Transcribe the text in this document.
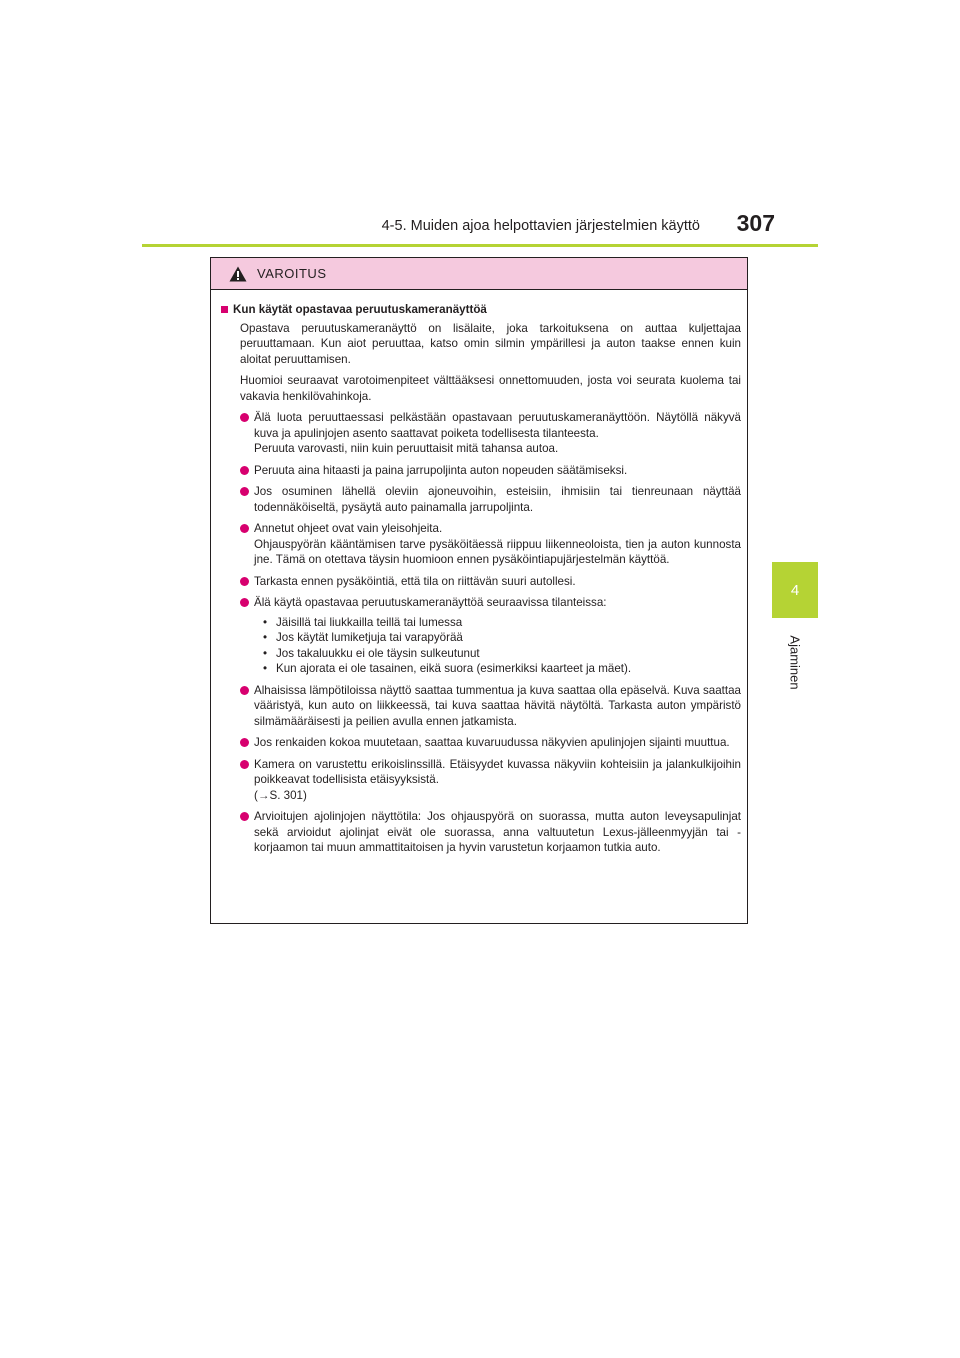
4-5. Muiden ajoa helpottavien järjestelmien käyttö	307
4
Ajaminen
VAROITUS
Kun käytät opastavaa peruutuskameranäyttöä

Opastava peruutuskameranäyttö on lisälaite, joka tarkoituksena on auttaa kuljettajaa peruuttamaan. Kun aiot peruuttaa, katso omin silmin ympärillesi ja auton taakse ennen kuin aloitat peruuttamisen.

Huomioi seuraavat varotoimenpiteet välttääksesi onnettomuuden, josta voi seurata kuolema tai vakavia henkilövahinkoja.

Älä luota peruuttaessasi pelkästään opastavaan peruutuskameranäyttöön. Näytöllä näkyvä kuva ja apulinjojen asento saattavat poiketa todellisesta tilanteesta.

Peruuta varovasti, niin kuin peruuttaisit mitä tahansa autoa.

Peruuta aina hitaasti ja paina jarrupoljinta auton nopeuden säätämiseksi.

Jos osuminen lähellä oleviin ajoneuvoihin, esteisiin, ihmisiin tai tienreunaan näyttää todennäköiseltä, pysäytä auto painamalla jarrupoljinta.

Annetut ohjeet ovat vain yleisohjeita.

Ohjauspyörän kääntämisen tarve pysäköitäessä riippuu liikenneoloista, tien ja auton kunnosta jne. Tämä on otettava täysin huomioon ennen pysäköintiapujärjestelmän käyttöä.

Tarkasta ennen pysäköintiä, että tila on riittävän suuri autollesi.

Älä käytä opastavaa peruutuskameranäyttöä seuraavissa tilanteissa:

• Jäisillä tai liukkailla teillä tai lumessa
• Jos käytät lumiketjuja tai varapyörää
• Jos takaluukku ei ole täysin sulkeutunut
• Kun ajorata ei ole tasainen, eikä suora (esimerkiksi kaarteet ja mäet).

Alhaisissa lämpötiloissa näyttö saattaa tummentua ja kuva saattaa olla epäselvä. Kuva saattaa vääristyä, kun auto on liikkeessä, tai kuva saattaa hävitä näytöltä. Tarkasta auton ympäristö silmämääräisesti ja peilien avulla ennen jatkamista.

Jos renkaiden kokoa muutetaan, saattaa kuvaruudussa näkyvien apulinjojen sijainti muuttua.

Kamera on varustettu erikoislinssillä. Etäisyydet kuvassa näkyviin kohteisiin ja jalankulkijoihin poikkeavat todellisista etäisyyksistä.

(→S. 301)

Arvioitujen ajolinjojen näyttötila: Jos ohjauspyörä on suorassa, mutta auton leveysapulinjat sekä arvioidut ajolinjat eivät ole suorassa, anna valtuutetun Lexus-jälleenmyyjän tai -korjaamon tai muun ammattitaitoisen ja hyvin varustetun korjaamon tutkia auto.
